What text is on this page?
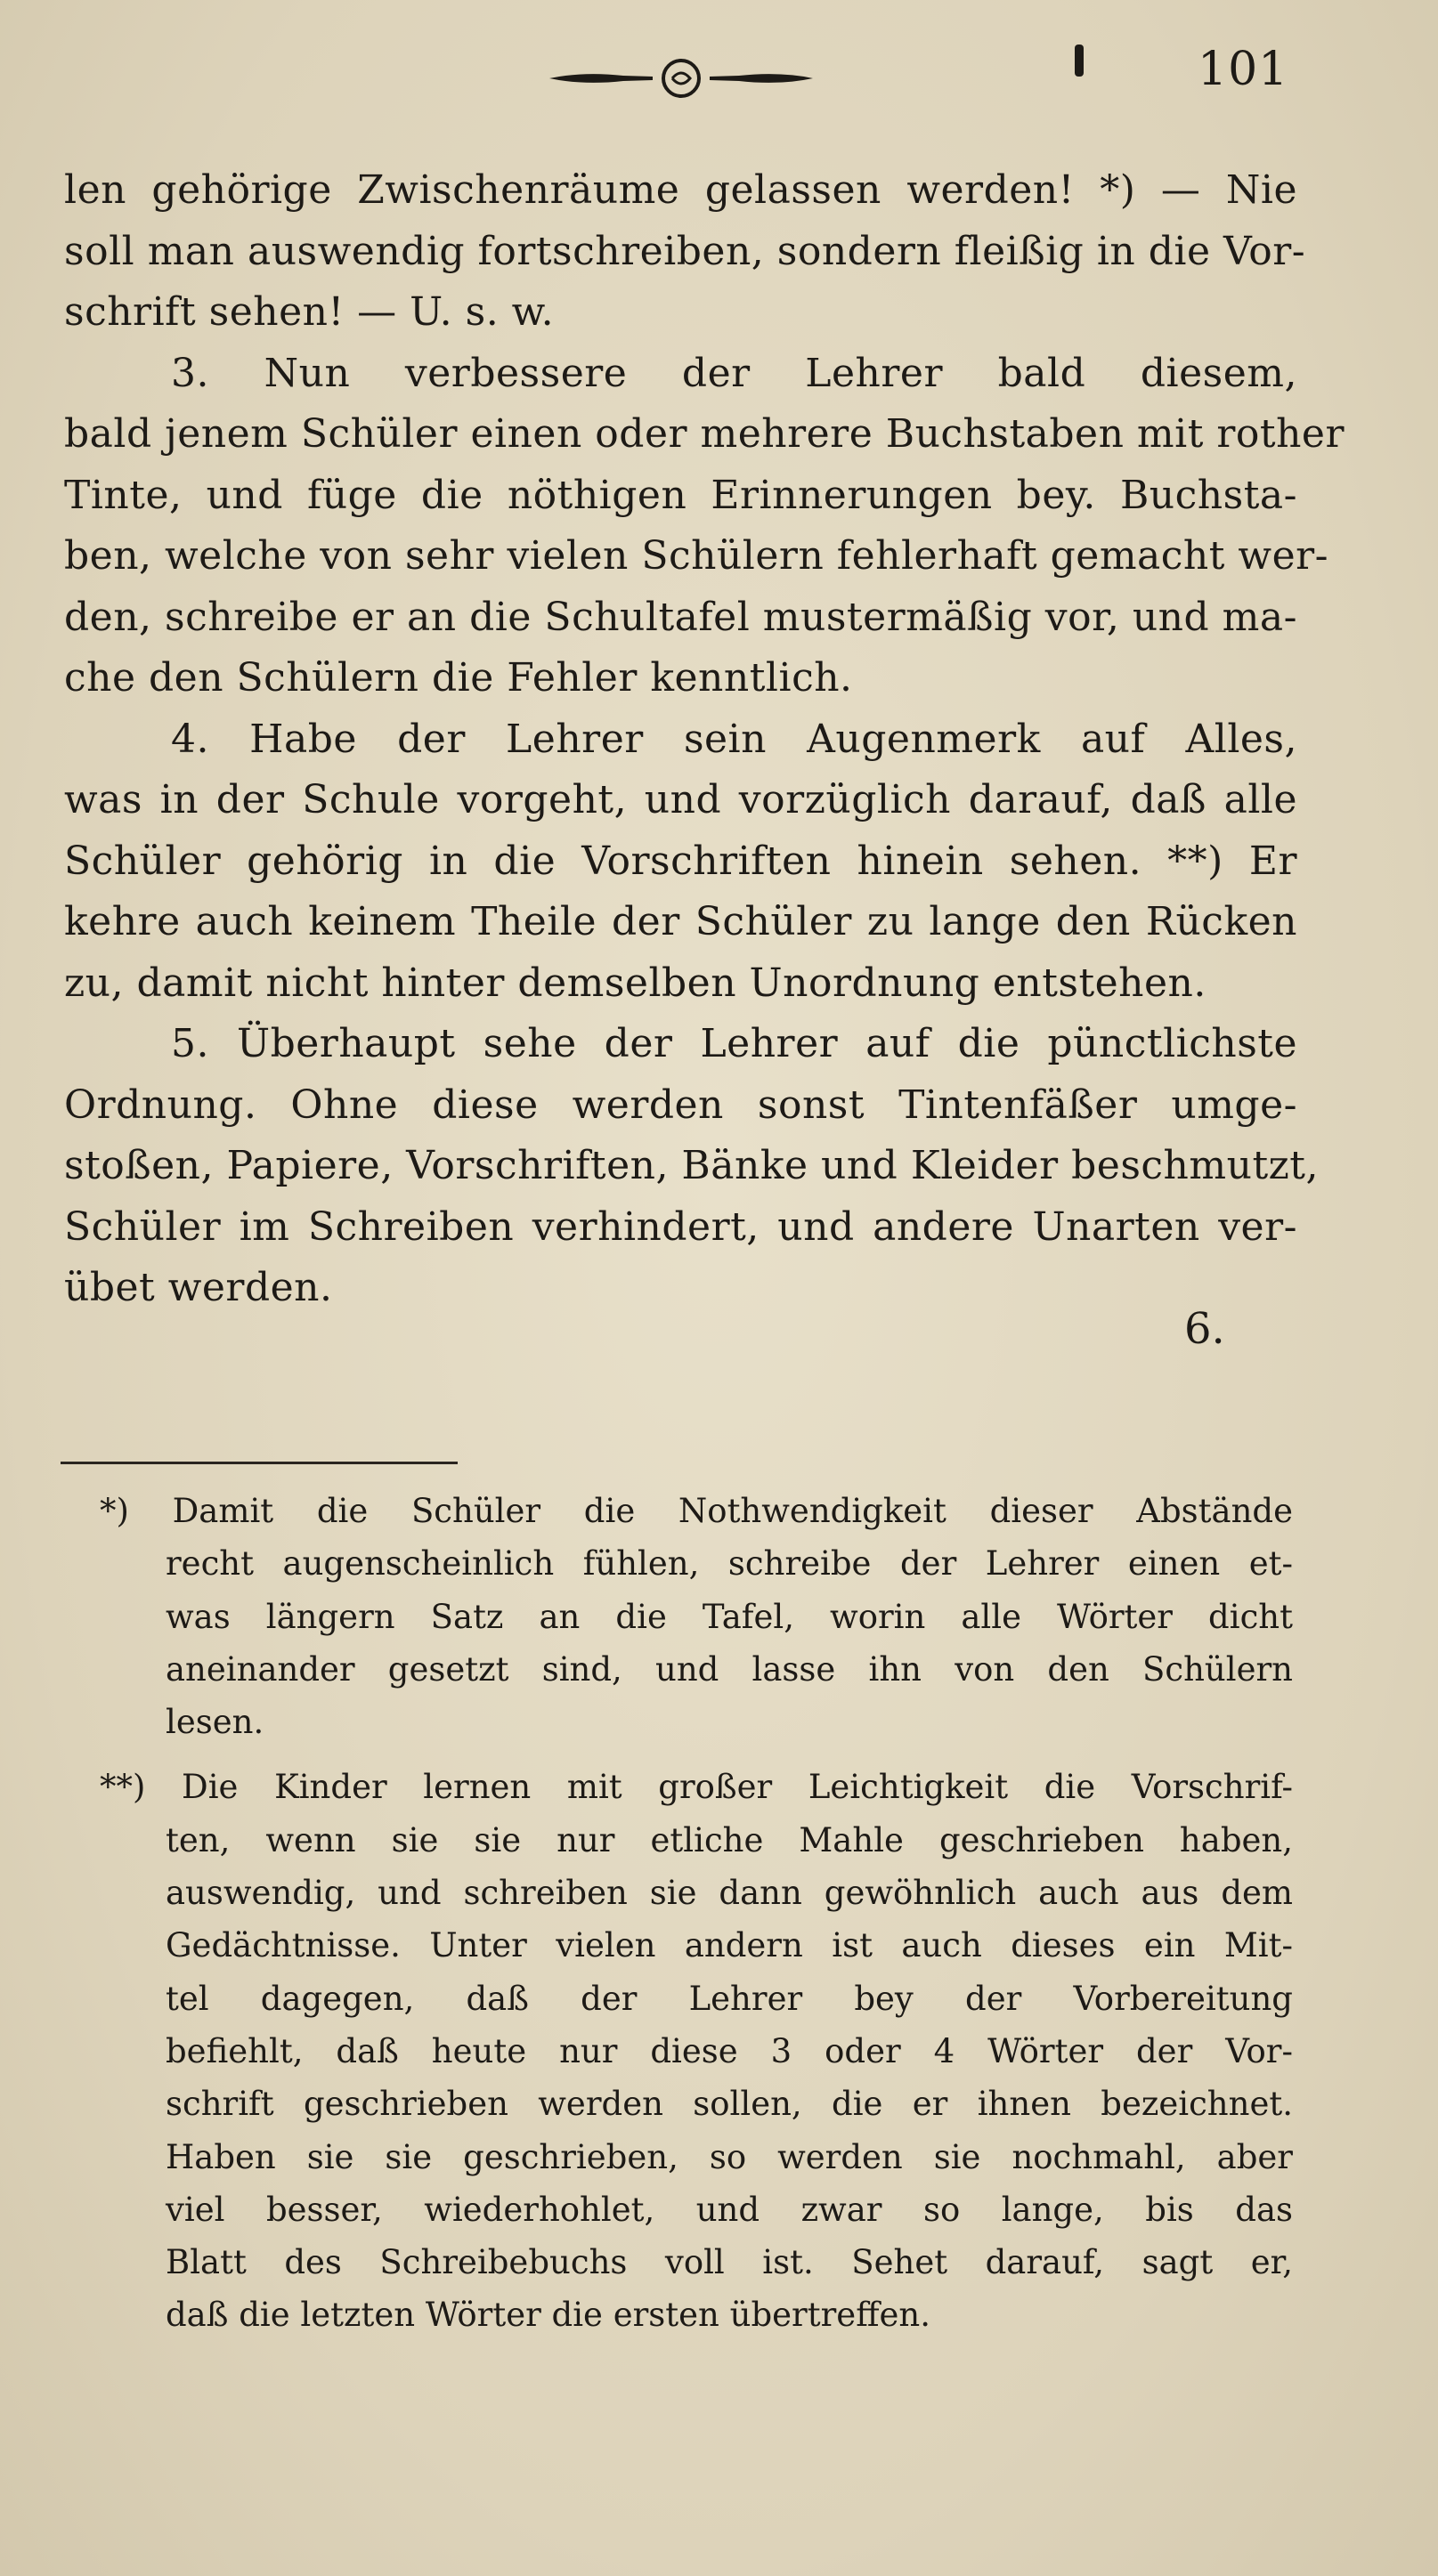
101
len gehörige Zwischenräume gelassen werden! *) — Nie
soll man auswendig fortschreiben, sondern fleißig in die Vor-
schrift sehen! — U. s. w.
3. Nun verbessere der Lehrer bald diesem,
bald jenem Schüler einen oder mehrere Buchstaben mit rother
Tinte, und füge die nöthigen Erinnerungen bey. Buchsta-
ben, welche von sehr vielen Schülern fehlerhaft gemacht wer-
den, schreibe er an die Schultafel mustermäßig vor, und ma-
che den Schülern die Fehler kenntlich.
4. Habe der Lehrer sein Augenmerk auf Alles,
was in der Schule vorgeht, und vorzüglich darauf, daß alle
Schüler gehörig in die Vorschriften hinein sehen. **) Er
kehre auch keinem Theile der Schüler zu lange den Rücken
zu, damit nicht hinter demselben Unordnung entstehen.
5. Überhaupt sehe der Lehrer auf die pünctlichste
Ordnung. Ohne diese werden sonst Tintenfäßer umge-
stoßen, Papiere, Vorschriften, Bänke und Kleider beschmutzt,
Schüler im Schreiben verhindert, und andere Unarten ver-
übet werden.
6.
*) Damit die Schüler die Nothwendigkeit dieser Abstände
recht augenscheinlich fühlen, schreibe der Lehrer einen et-
was längern Satz an die Tafel, worin alle Wörter dicht
aneinander gesetzt sind, und lasse ihn von den Schülern
lesen.
**) Die Kinder lernen mit großer Leichtigkeit die Vorschrif-
ten, wenn sie sie nur etliche Mahle geschrieben haben,
auswendig, und schreiben sie dann gewöhnlich auch aus dem
Gedächtnisse. Unter vielen andern ist auch dieses ein Mit-
tel dagegen, daß der Lehrer bey der Vorbereitung
befiehlt, daß heute nur diese 3 oder 4 Wörter der Vor-
schrift geschrieben werden sollen, die er ihnen bezeichnet.
Haben sie sie geschrieben, so werden sie nochmahl, aber
viel besser, wiederhohlet, und zwar so lange, bis das
Blatt des Schreibebuchs voll ist. Sehet darauf, sagt er,
daß die letzten Wörter die ersten übertreffen.
